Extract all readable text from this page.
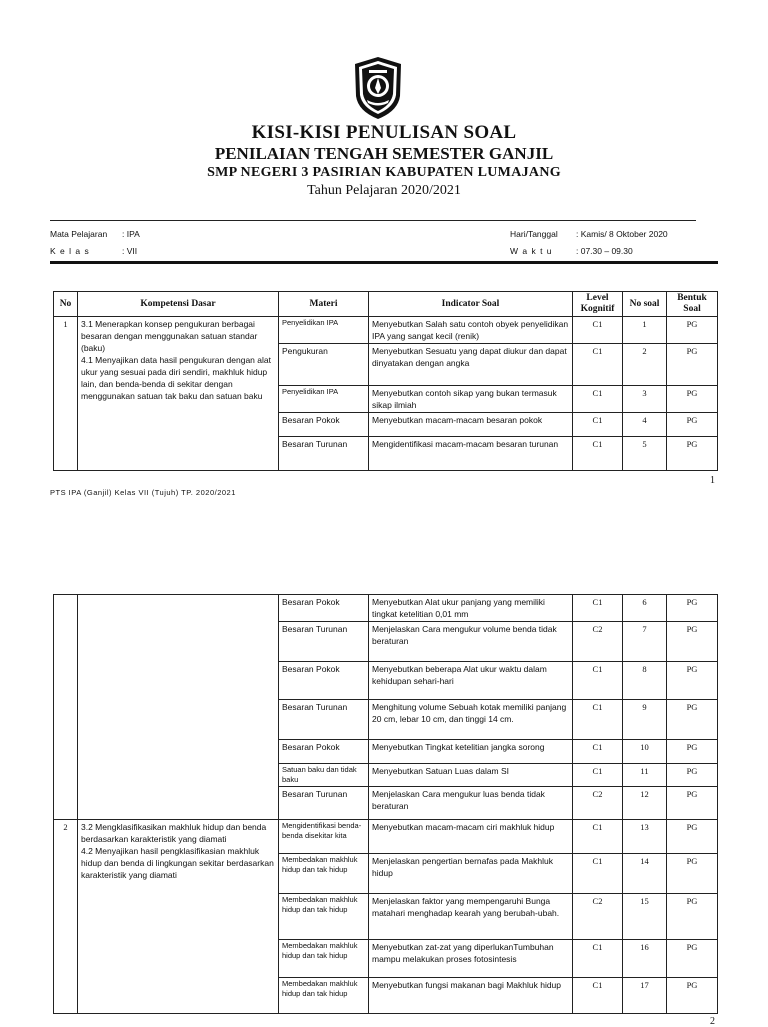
KISI-KISI PENULISAN SOAL
PENILAIAN TENGAH SEMESTER GANJIL
SMP NEGERI 3 PASIRIAN KABUPATEN LUMAJANG
Tahun Pelajaran 2020/2021
Mata Pelajaran : IPA	Hari/Tanggal : Kamis/ 8 Oktober 2020
K e l a s	: VII	W a k t u	: 07.30 – 09.30
No	Kompetensi Dasar	Materi	Indicator Soal	Level Kognitif	No soal	Bentuk Soal
1	3.1 Menerapkan konsep pengukuran berbagai besaran dengan menggunakan satuan standar (baku)
4.1 Menyajikan data hasil pengukuran dengan alat ukur yang sesuai pada diri sendiri, makhluk hidup lain, dan benda-benda di sekitar dengan menggunakan satuan tak baku dan satuan baku	Penyelidikan IPA	Menyebutkan Salah satu contoh obyek penyelidikan IPA yang sangat kecil (renik)	C1	1	PG
		Pengukuran	Menyebutkan Sesuatu yang dapat diukur dan dapat dinyatakan dengan angka	C1	2	PG
		Penyelidikan IPA	Menyebutkan contoh sikap yang bukan termasuk sikap ilmiah	C1	3	PG
		Besaran Pokok	Menyebutkan macam-macam besaran pokok	C1	4	PG
		Besaran Turunan	Mengidentifikasi macam-macam besaran turunan	C1	5	PG
1
PTS IPA (Ganjil) Kelas VII (Tujuh) TP. 2020/2021
		Besaran Pokok	Menyebutkan Alat ukur panjang yang memiliki tingkat ketelitian 0,01 mm	C1	6	PG
		Besaran Turunan	Menjelaskan Cara mengukur volume benda tidak beraturan	C2	7	PG
		Besaran Pokok	Menyebutkan beberapa Alat ukur waktu dalam kehidupan sehari-hari	C1	8	PG
		Besaran Turunan	Menghitung volume Sebuah kotak memiliki panjang 20 cm, lebar 10 cm, dan tinggi 14 cm.	C1	9	PG
		Besaran Pokok	Menyebutkan Tingkat ketelitian jangka sorong	C1	10	PG
		Satuan baku dan tidak baku	Menyebutkan Satuan Luas dalam SI	C1	11	PG
		Besaran Turunan	Menjelaskan Cara mengukur luas benda tidak beraturan	C2	12	PG
2	3.2 Mengklasifikasikan makhluk hidup dan benda berdasarkan karakteristik yang diamati
4.2 Menyajikan hasil pengklasifikasian makhluk hidup dan benda di lingkungan sekitar berdasarkan karakteristik yang diamati	Mengidentifikasi benda-benda disekitar kita	Menyebutkan macam-macam ciri makhluk hidup	C1	13	PG
		Membedakan makhluk hidup dan tak hidup	Menjelaskan pengertian bernafas pada Makhluk hidup	C1	14	PG
		Membedakan makhluk hidup dan tak hidup	Menjelaskan faktor yang mempengaruhi Bunga matahari menghadap kearah yang berubah-ubah.	C2	15	PG
		Membedakan makhluk hidup dan tak hidup	Menyebutkan zat-zat yang diperlukanTumbuhan mampu melakukan proses fotosintesis	C1	16	PG
		Membedakan makhluk hidup dan tak hidup	Menyebutkan fungsi makanan bagi Makhluk hidup	C1	17	PG
2
